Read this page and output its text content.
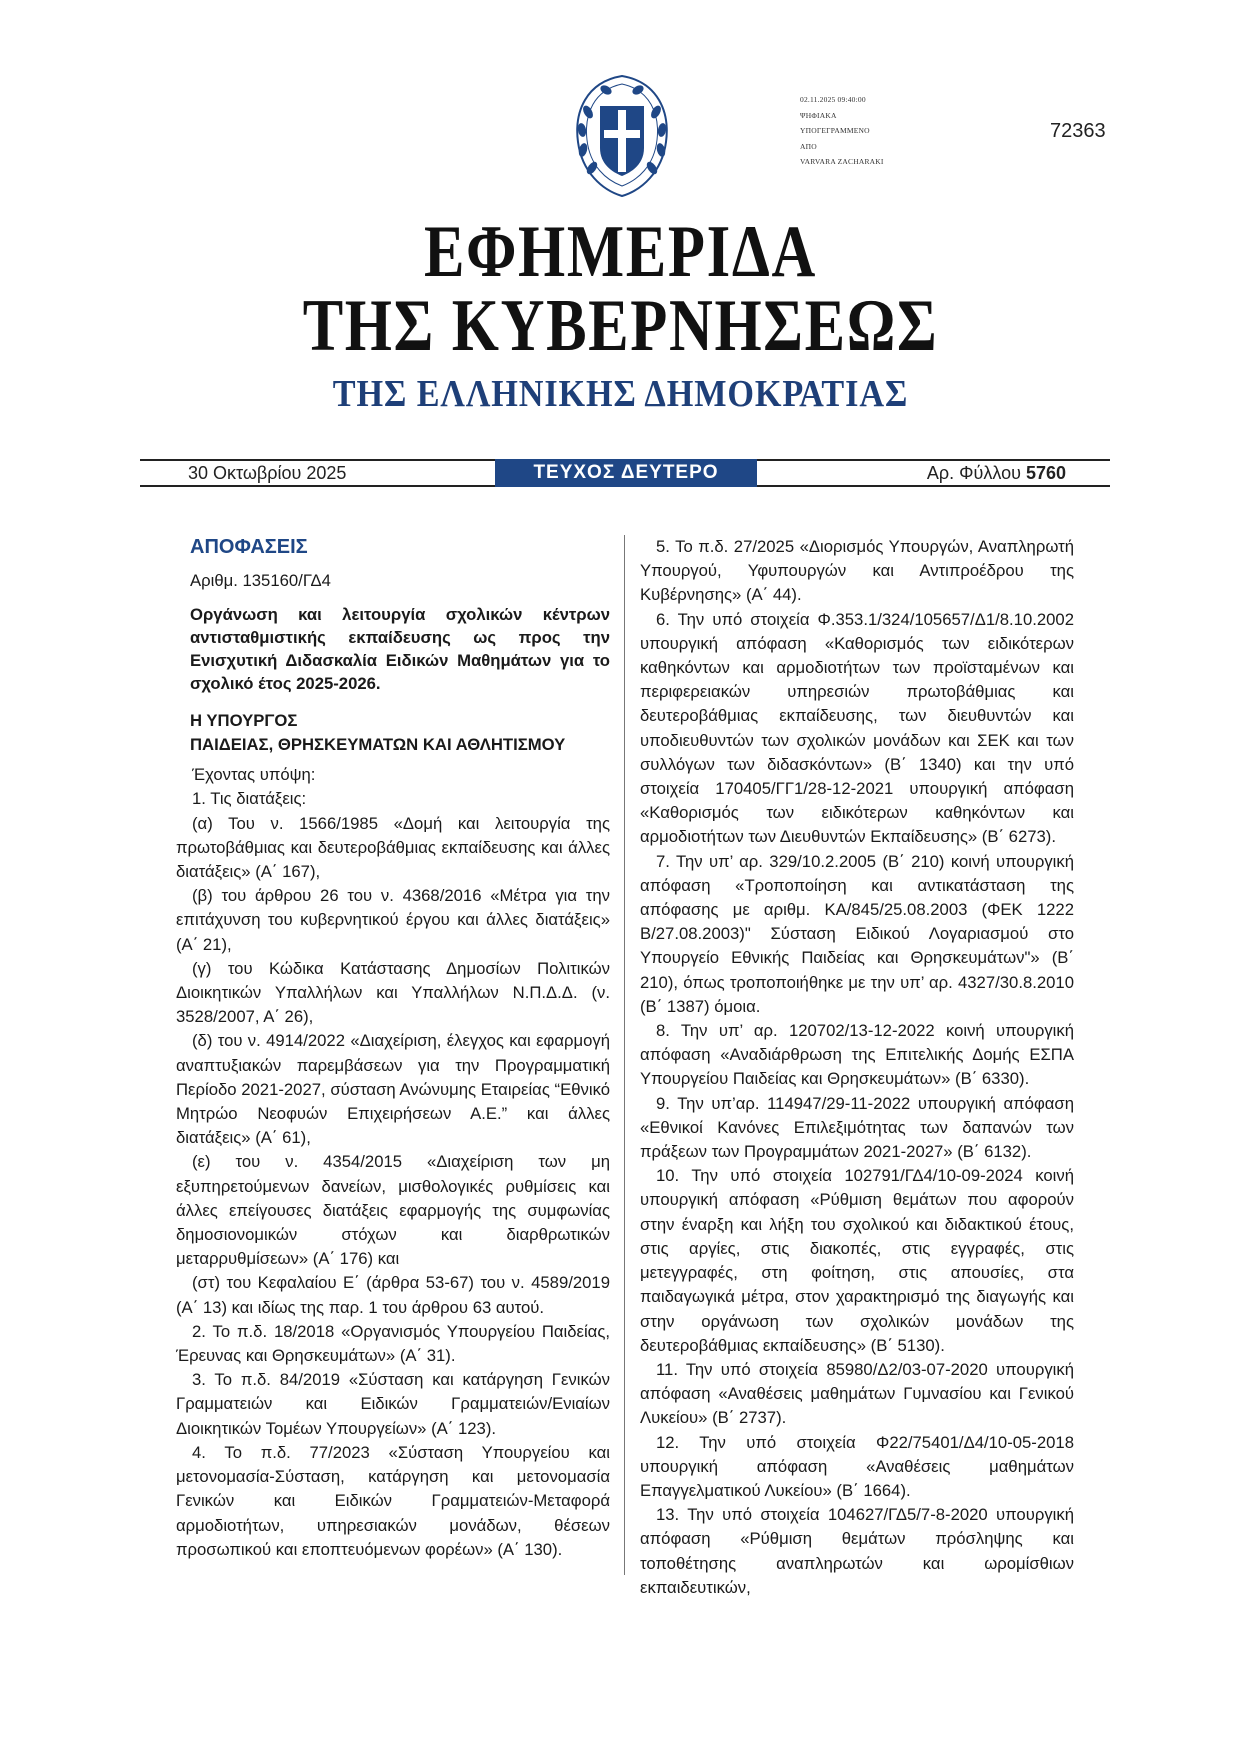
02.11.2025 09:40:00
ΨΗΦΙΑΚΑ
ΥΠΟΓΕΓΡΑΜΜΕΝΟ
ΑΠΟ
VARVARA ZACHARAKI
72363
ΕΦΗΜΕΡΙΔΑ
ΤΗΣ ΚΥΒΕΡΝΗΣΕΩΣ
ΤΗΣ ΕΛΛΗΝΙΚΗΣ ΔΗΜΟΚΡΑΤΙΑΣ
30 Οκτωβρίου 2025	ΤΕΥΧΟΣ ΔΕΥΤΕΡΟ	Αρ. Φύλλου 5760
ΑΠΟΦΑΣΕΙΣ
Αριθμ. 135160/ΓΔ4
Οργάνωση και λειτουργία σχολικών κέντρων αντισταθμιστικής εκπαίδευσης ως προς την Ενισχυτική Διδασκαλία Ειδικών Μαθημάτων για το σχολικό έτος 2025-2026.
Η ΥΠΟΥΡΓΟΣ
ΠΑΙΔΕΙΑΣ, ΘΡΗΣΚΕΥΜΑΤΩΝ ΚΑΙ ΑΘΛΗΤΙΣΜΟΥ

Έχοντας υπόψη:

1. Τις διατάξεις:

(α) Του ν. 1566/1985 «Δομή και λειτουργία της πρωτοβάθμιας και δευτεροβάθμιας εκπαίδευσης και άλλες διατάξεις» (Α΄ 167),

(β) του άρθρου 26 του ν. 4368/2016 «Μέτρα για την επιτάχυνση του κυβερνητικού έργου και άλλες διατάξεις» (Α΄ 21),

(γ) του Κώδικα Κατάστασης Δημοσίων Πολιτικών Διοικητικών Υπαλλήλων και Υπαλλήλων Ν.Π.Δ.Δ. (ν. 3528/2007, Α΄ 26),

(δ) του ν. 4914/2022 «Διαχείριση, έλεγχος και εφαρμογή αναπτυξιακών παρεμβάσεων για την Προγραμματική Περίοδο 2021-2027, σύσταση Ανώνυμης Εταιρείας “Εθνικό Μητρώο Νεοφυών Επιχειρήσεων Α.Ε.” και άλλες διατάξεις» (Α΄ 61),

(ε) του ν. 4354/2015 «Διαχείριση των μη εξυπηρετούμενων δανείων, μισθολογικές ρυθμίσεις και άλλες επείγουσες διατάξεις εφαρμογής της συμφωνίας δημοσιονομικών στόχων και διαρθρωτικών μεταρρυθμίσεων» (Α΄ 176) και

(στ) του Κεφαλαίου Ε΄ (άρθρα 53-67) του ν. 4589/2019 (Α΄ 13) και ιδίως της παρ. 1 του άρθρου 63 αυτού.

2. Το π.δ. 18/2018 «Οργανισμός Υπουργείου Παιδείας, Έρευνας και Θρησκευμάτων» (Α΄ 31).

3. Το π.δ. 84/2019 «Σύσταση και κατάργηση Γενικών Γραμματειών και Ειδικών Γραμματειών/Ενιαίων Διοικητικών Τομέων Υπουργείων» (Α΄ 123).

4. Το π.δ. 77/2023 «Σύσταση Υπουργείου και μετονομασία-Σύσταση, κατάργηση και μετονομασία Γενικών και Ειδικών Γραμματειών-Μεταφορά αρμοδιοτήτων, υπηρεσιακών μονάδων, θέσεων προσωπικού και εποπτευόμενων φορέων» (Α΄ 130).

5. Το π.δ. 27/2025 «Διορισμός Υπουργών, Αναπληρωτή Υπουργού, Υφυπουργών και Αντιπροέδρου της Κυβέρνησης» (Α΄ 44).

6. Την υπό στοιχεία Φ.353.1/324/105657/Δ1/8.10.2002 υπουργική απόφαση «Καθορισμός των ειδικότερων καθηκόντων και αρμοδιοτήτων των προϊσταμένων και περιφερειακών υπηρεσιών πρωτοβάθμιας και δευτεροβάθμιας εκπαίδευσης, των διευθυντών και υποδιευθυντών των σχολικών μονάδων και ΣΕΚ και των συλλόγων των διδασκόντων» (Β΄ 1340) και την υπό στοιχεία 170405/ΓΓ1/28-12-2021 υπουργική απόφαση «Καθορισμός των ειδικότερων καθηκόντων και αρμοδιοτήτων των Διευθυντών Εκπαίδευσης» (Β΄ 6273).

7. Την υπ’ αρ. 329/10.2.2005 (Β΄ 210) κοινή υπουργική απόφαση «Τροποποίηση και αντικατάσταση της απόφασης με αριθμ. ΚΑ/845/25.08.2003 (ΦΕΚ 1222 Β/27.08.2003)" Σύσταση Ειδικού Λογαριασμού στο Υπουργείο Εθνικής Παιδείας και Θρησκευμάτων"» (Β΄ 210), όπως τροποποιήθηκε με την υπ’ αρ. 4327/30.8.2010 (Β΄ 1387) όμοια.

8. Την υπ’ αρ. 120702/13-12-2022 κοινή υπουργική απόφαση «Αναδιάρθρωση της Επιτελικής Δομής ΕΣΠΑ Υπουργείου Παιδείας και Θρησκευμάτων» (Β΄ 6330).

9. Την υπ’αρ. 114947/29-11-2022 υπουργική απόφαση «Εθνικοί Κανόνες Επιλεξιμότητας των δαπανών των πράξεων των Προγραμμάτων 2021-2027» (Β΄ 6132).

10. Την υπό στοιχεία 102791/ΓΔ4/10-09-2024 κοινή υπουργική απόφαση «Ρύθμιση θεμάτων που αφορούν στην έναρξη και λήξη του σχολικού και διδακτικού έτους, στις αργίες, στις διακοπές, στις εγγραφές, στις μετεγγραφές, στη φοίτηση, στις απουσίες, στα παιδαγωγικά μέτρα, στον χαρακτηρισμό της διαγωγής και στην οργάνωση των σχολικών μονάδων της δευτεροβάθμιας εκπαίδευσης» (Β΄ 5130).

11. Την υπό στοιχεία 85980/Δ2/03-07-2020 υπουργική απόφαση «Αναθέσεις μαθημάτων Γυμνασίου και Γενικού Λυκείου» (Β΄ 2737).

12. Την υπό στοιχεία Φ22/75401/Δ4/10-05-2018 υπουργική απόφαση «Αναθέσεις μαθημάτων Επαγγελματικού Λυκείου» (Β΄ 1664).

13. Την υπό στοιχεία 104627/ΓΔ5/7-8-2020 υπουργική απόφαση «Ρύθμιση θεμάτων πρόσληψης και τοποθέτησης αναπληρωτών και ωρομίσθιων εκπαιδευτικών,
